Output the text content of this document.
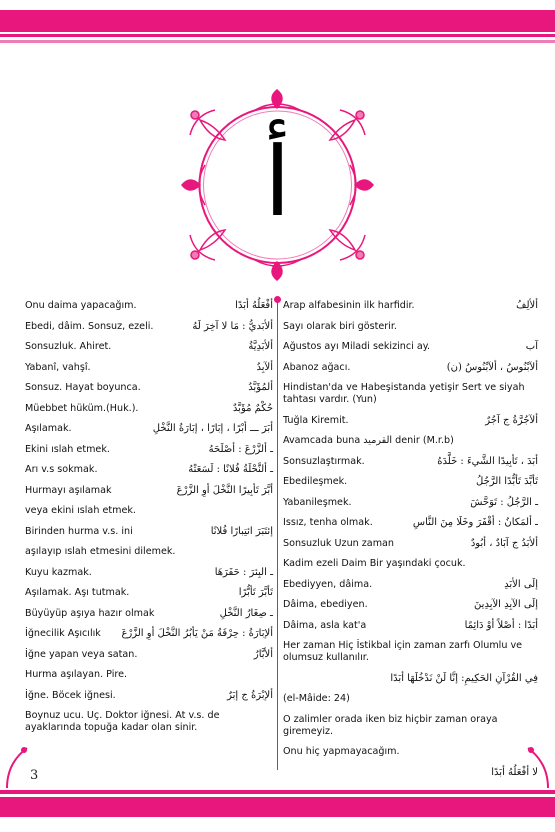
أ
Onu daima yapacağım.	أفْعَلُهُ أبَدًا
Ebedi, dâim. Sonsuz, ezeli.	ألأبَديُّ : مَا لا آخِرَ لَهُ
Sonsuzluk. Ahiret.	ألأبَدِيَّةُ
Yabanî, vahşî.	ألآبِدُ
Sonsuz. Hayat boyunca.	ألمُؤَبَّدُ
Müebbet hüküm.(Huk.).	حُكْمٌ مُؤَبَّدٌ
Aşılamak.	أبَرَ ـــ أبْرًا ، إبَارًا ، إبَارَةُ النَّخْلِ
Ekini ıslah etmek.	ـ ألزَّرْعَ : أصْلَحَهُ
Arı v.s sokmak.	ـ ألنَّحْلَةُ فُلانًا : لَسَعَتْهُ
Hurmayı aşılamak	أبَّرَ تَأبِيرًا النَّخْلَ أوِ الزَّرْعَ
veya ekini ıslah etmek.
Birinden hurma v.s. ini	إئتَبَرَ ائتِبارًا فُلانًا
aşılayıp ıslah etmesini dilemek.
Kuyu kazmak.	ـ البِئرَ : حَفَرَهَا
Aşılamak. Aşı tutmak.	تَأبَّرَ تَأبُّرًا
Büyüyüp aşıya hazır olmak	ـ صِغَارُ النَّخْلِ
İğnecilik Aşıcılık	ألإبَارَةُ : حِرْفَةُ مَنْ يَأبُرُ النَّخْلَ أوِ الزَّرْعَ
İğne yapan veya satan.	ألأبَّارُ
Hurma aşılayan. Pire.
İğne. Böcek iğnesi.	ألإبْرَةُ ج إبَرٌ
Boynuz ucu. Uç. Doktor iğnesi. At v.s. de ayaklarında topuğa kadar olan sinir.
Arap alfabesinin ilk harfidir.	ألألِفُ
Sayı olarak biri gösterir.
Ağustos ayı Miladi sekizinci ay.	آب
Abanoz ağacı.	ألآبْنُوسُ ، ألآبْنُوسُ (ن)
Hindistan'da ve Habeşistanda yetişir Sert ve siyah tahtası vardır. (Yun)
Tuğla Kiremit.	ألآجُرَّةُ ج آجُرٌ
Avamcada buna القرميد denir (M.r.b)
Sonsuzlaştırmak.	أبَدَ ، تَأبِيدًا الشَّيءَ : خَلَّدَهُ
Ebedileşmek.	تَأبَّدَ تَأبُّدًا الرَّجُلُ
Yabanileşmek.	ـ الرَّجُلُ : تَوَحَّشَ
Issız, tenha olmak.	ـ ألمَكانُ : أقْفَرَ وخَلَا مِنَ النَّاسِ
Sonsuzluk Uzun zaman	ألأبَدُ ج آبَادٌ ، أبُودٌ
Kadim ezeli Daim Bir yaşındaki çocuk.
Ebediyyen, dâima.	إلَى الأبَدِ
Dâima, ebediyen.	إلَى الآبِدِ الآبِدِينَ
Dâima, asla kat'a	أبَدًا : أصْلاً أوْ دَائِمًا
Her zaman Hiç İstikbal için zaman zarfı Olumlu ve olumsuz kullanılır.
فِي القُرْآنِ الحَكِيمِ: إنَّا لَنْ نَدْخُلَهَا أبَدًا
(el-Mâide: 24)
O zalimler orada iken biz hiçbir zaman oraya giremeyiz.
Onu hiç yapmayacağım.
لا أفْعَلُهُ أبَدًا
3
